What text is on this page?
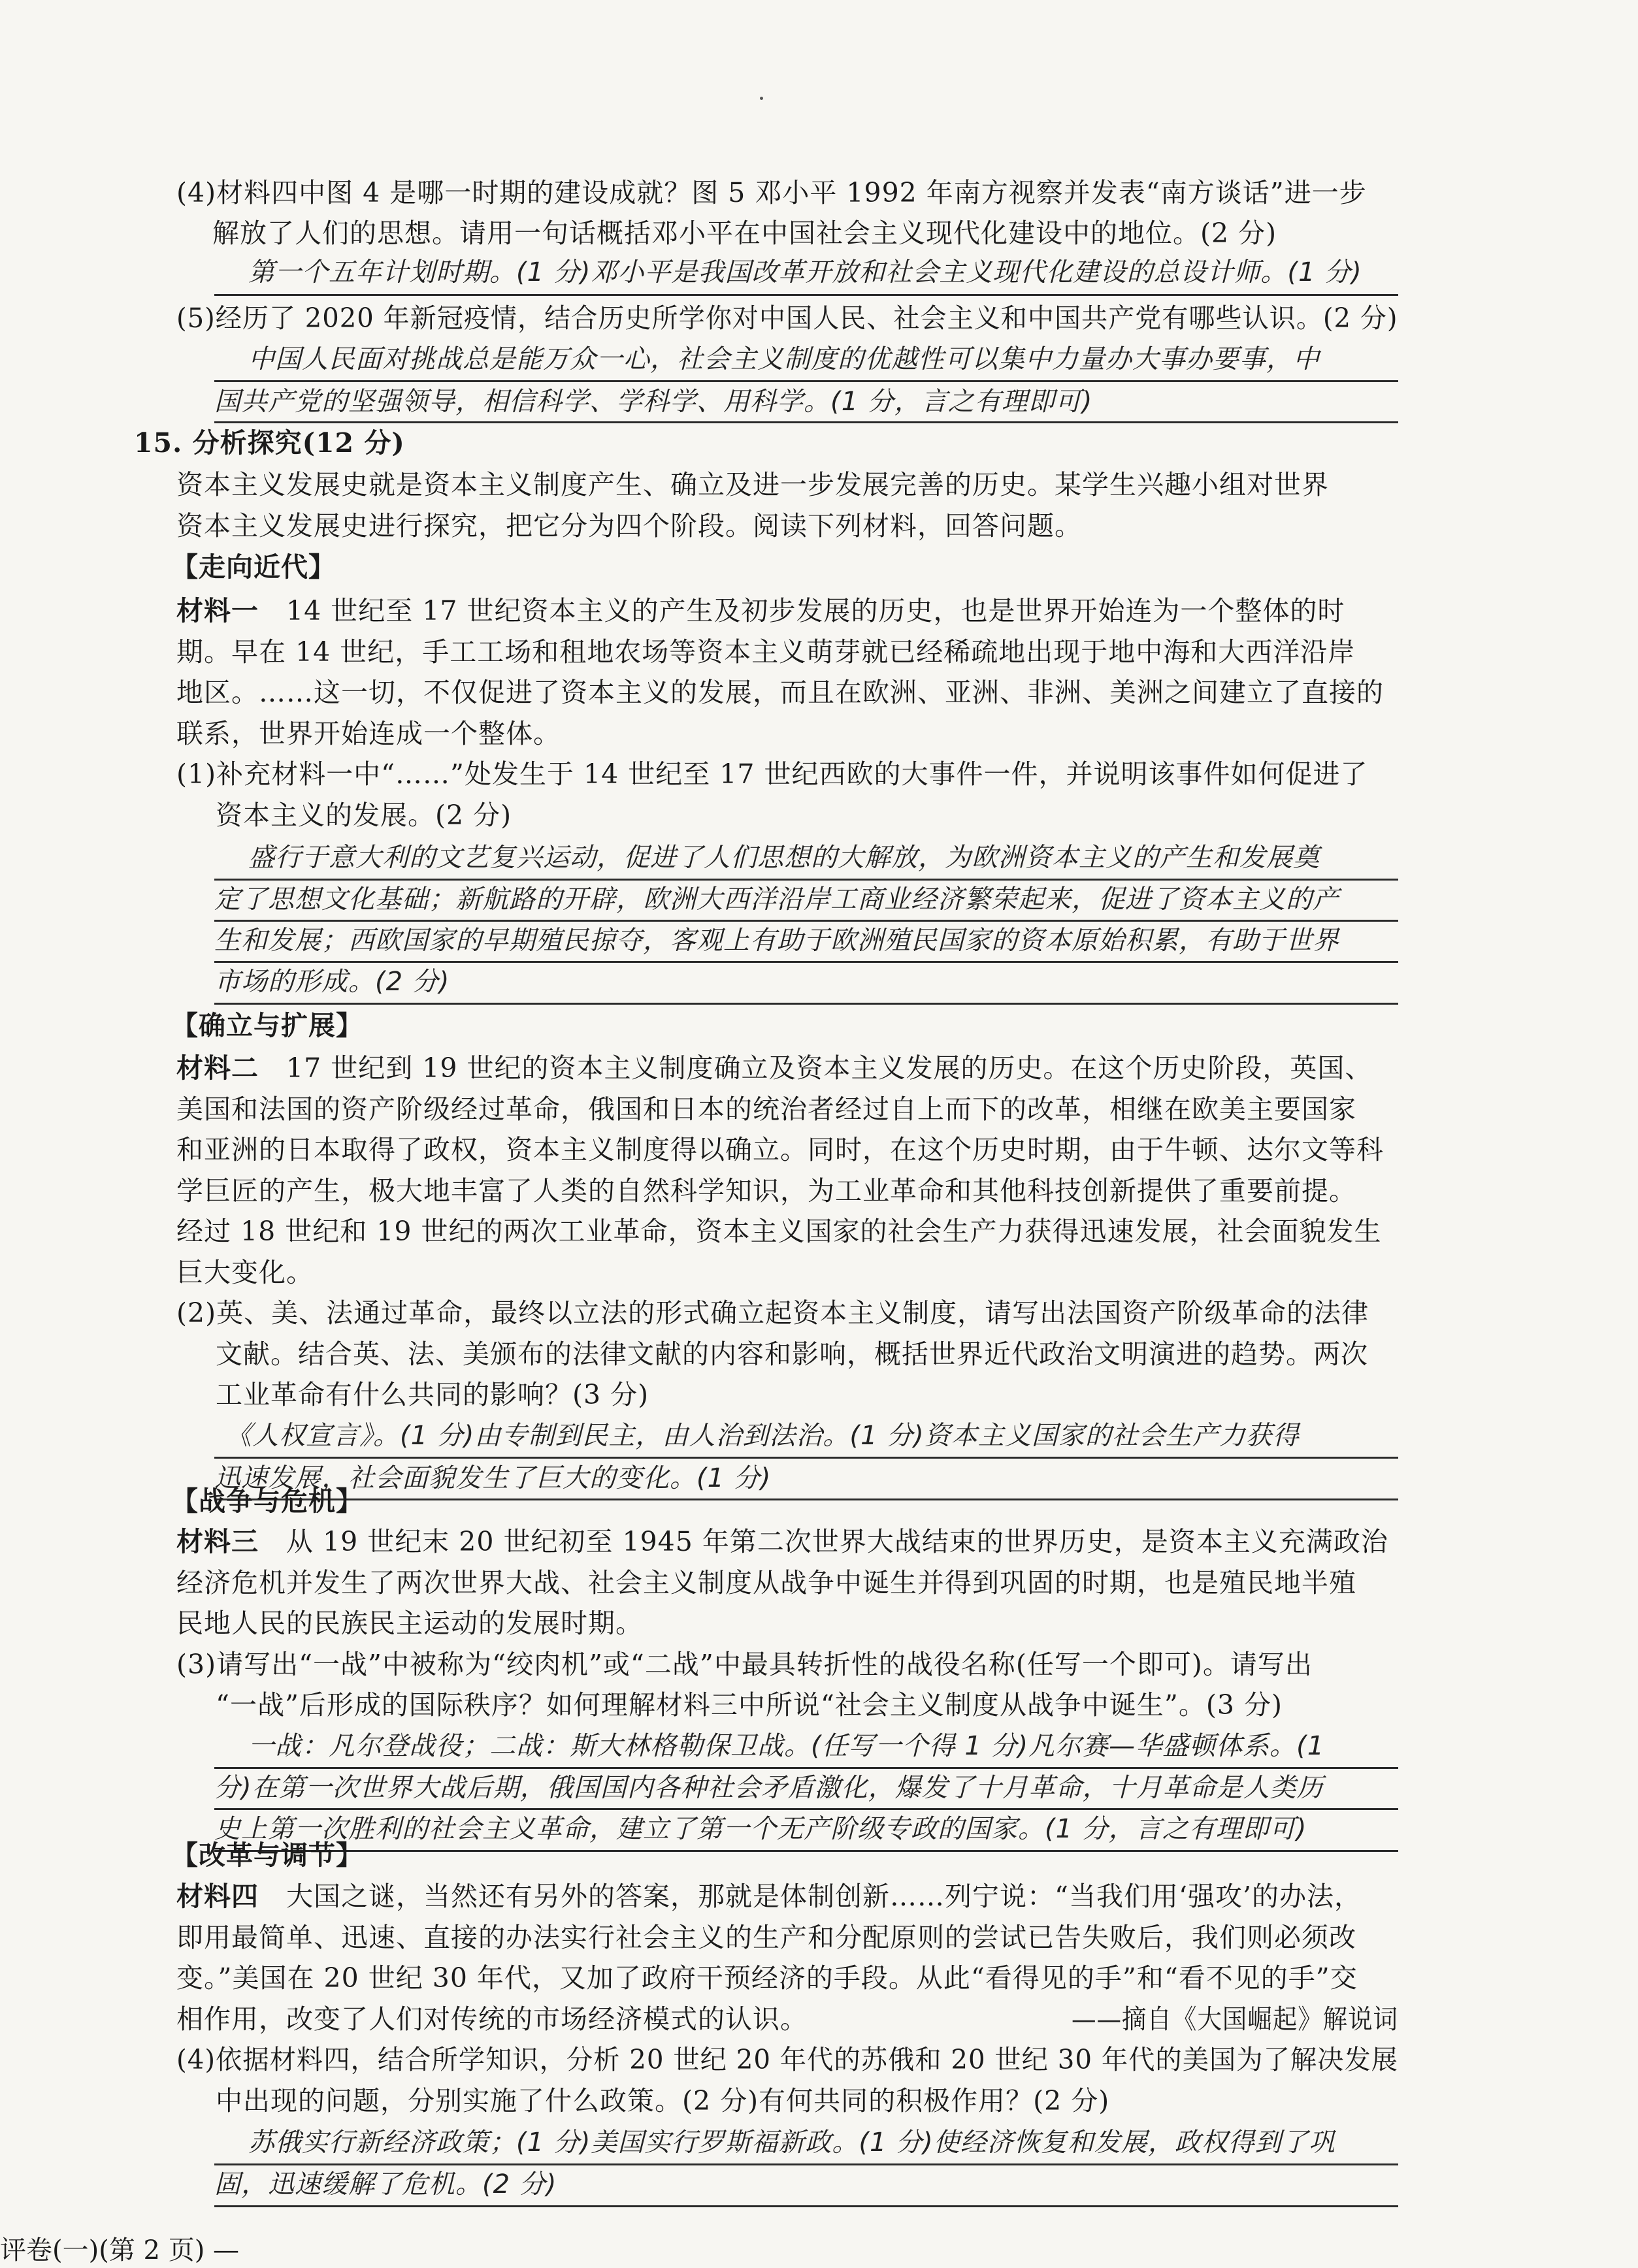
(4)材料四中图 4 是哪一时期的建设成就？图 5 邓小平 1992 年南方视察并发表“南方谈话”进一步
解放了人们的思想。请用一句话概括邓小平在中国社会主义现代化建设中的地位。(2 分)
第一个五年计划时期。(1 分)邓小平是我国改革开放和社会主义现代化建设的总设计师。(1 分)
(5)经历了 2020 年新冠疫情，结合历史所学你对中国人民、社会主义和中国共产党有哪些认识。(2 分)
中国人民面对挑战总是能万众一心，社会主义制度的优越性可以集中力量办大事办要事，中
国共产党的坚强领导，相信科学、学科学、用科学。(1 分，言之有理即可)
15. 分析探究(12 分)
资本主义发展史就是资本主义制度产生、确立及进一步发展完善的历史。某学生兴趣小组对世界
资本主义发展史进行探究，把它分为四个阶段。阅读下列材料，回答问题。
【走向近代】
材料一　14 世纪至 17 世纪资本主义的产生及初步发展的历史，也是世界开始连为一个整体的时
期。早在 14 世纪，手工工场和租地农场等资本主义萌芽就已经稀疏地出现于地中海和大西洋沿岸
地区。……这一切，不仅促进了资本主义的发展，而且在欧洲、亚洲、非洲、美洲之间建立了直接的
联系，世界开始连成一个整体。
(1)补充材料一中“……”处发生于 14 世纪至 17 世纪西欧的大事件一件，并说明该事件如何促进了
资本主义的发展。(2 分)
盛行于意大利的文艺复兴运动，促进了人们思想的大解放，为欧洲资本主义的产生和发展奠
定了思想文化基础；新航路的开辟，欧洲大西洋沿岸工商业经济繁荣起来，促进了资本主义的产
生和发展；西欧国家的早期殖民掠夺，客观上有助于欧洲殖民国家的资本原始积累，有助于世界
市场的形成。(2 分)
【确立与扩展】
材料二　17 世纪到 19 世纪的资本主义制度确立及资本主义发展的历史。在这个历史阶段，英国、
美国和法国的资产阶级经过革命，俄国和日本的统治者经过自上而下的改革，相继在欧美主要国家
和亚洲的日本取得了政权，资本主义制度得以确立。同时，在这个历史时期，由于牛顿、达尔文等科
学巨匠的产生，极大地丰富了人类的自然科学知识，为工业革命和其他科技创新提供了重要前提。
经过 18 世纪和 19 世纪的两次工业革命，资本主义国家的社会生产力获得迅速发展，社会面貌发生
巨大变化。
(2)英、美、法通过革命，最终以立法的形式确立起资本主义制度，请写出法国资产阶级革命的法律
文献。结合英、法、美颁布的法律文献的内容和影响，概括世界近代政治文明演进的趋势。两次
工业革命有什么共同的影响？(3 分)
《人权宣言》。(1 分)由专制到民主，由人治到法治。(1 分)资本主义国家的社会生产力获得
迅速发展，社会面貌发生了巨大的变化。(1 分)
【战争与危机】
材料三　从 19 世纪末 20 世纪初至 1945 年第二次世界大战结束的世界历史，是资本主义充满政治
经济危机并发生了两次世界大战、社会主义制度从战争中诞生并得到巩固的时期，也是殖民地半殖
民地人民的民族民主运动的发展时期。
(3)请写出“一战”中被称为“绞肉机”或“二战”中最具转折性的战役名称(任写一个即可)。请写出
“一战”后形成的国际秩序？如何理解材料三中所说“社会主义制度从战争中诞生”。(3 分)
一战：凡尔登战役；二战：斯大林格勒保卫战。(任写一个得 1 分)凡尔赛—华盛顿体系。(1
分)在第一次世界大战后期，俄国国内各种社会矛盾激化，爆发了十月革命，十月革命是人类历
史上第一次胜利的社会主义革命，建立了第一个无产阶级专政的国家。(1 分，言之有理即可)
【改革与调节】
材料四　大国之谜，当然还有另外的答案，那就是体制创新……列宁说：“当我们用‘强攻’的办法，
即用最简单、迅速、直接的办法实行社会主义的生产和分配原则的尝试已告失败后，我们则必须改
变。”美国在 20 世纪 30 年代，又加了政府干预经济的手段。从此“看得见的手”和“看不见的手”交
相作用，改变了人们对传统的市场经济模式的认识。	——摘自《大国崛起》解说词
(4)依据材料四，结合所学知识，分析 20 世纪 20 年代的苏俄和 20 世纪 30 年代的美国为了解决发展
中出现的问题，分别实施了什么政策。(2 分)有何共同的积极作用？(2 分)
苏俄实行新经济政策；(1 分)美国实行罗斯福新政。(1 分)使经济恢复和发展，政权得到了巩
固，迅速缓解了危机。(2 分)
评卷(一)(第 2 页) —
